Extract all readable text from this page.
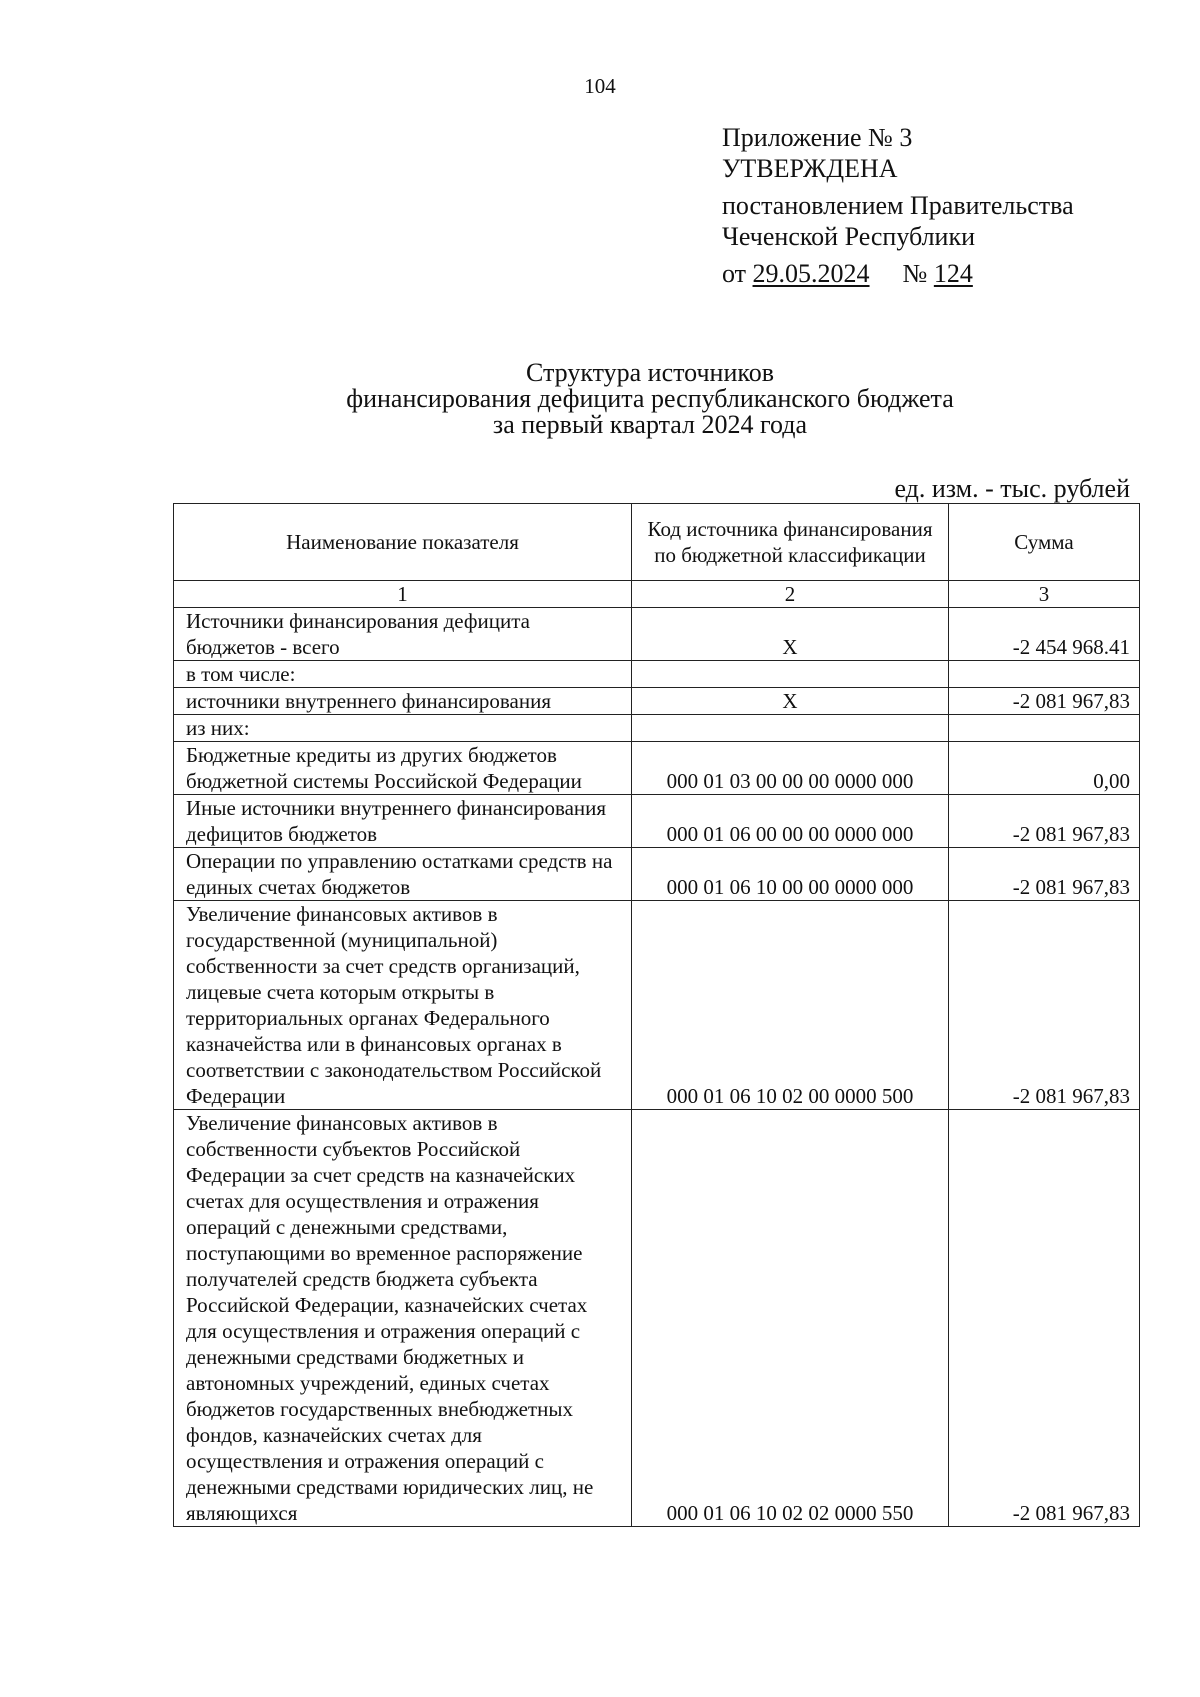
104
Приложение № 3
УТВЕРЖДЕНА
постановлением Правительства
Чеченской Республики
от 29.05.2024 № 124
Структура источников
финансирования дефицита республиканского бюджета
за первый квартал 2024 года
ед. изм. - тыс. рублей
Наименование показателя	Код источника финансирования по бюджетной классификации	Сумма
1	2	3
Источники финансирования дефицита бюджетов - всего	Х	-2 454 968.41
в том числе:		
источники внутреннего финансирования	Х	-2 081 967,83
из них:		
Бюджетные кредиты из других бюджетов бюджетной системы Российской Федерации	000 01 03 00 00 00 0000 000	0,00
Иные источники внутреннего финансирования дефицитов бюджетов	000 01 06 00 00 00 0000 000	-2 081 967,83
Операции по управлению остатками средств на единых счетах бюджетов	000 01 06 10 00 00 0000 000	-2 081 967,83
Увеличение финансовых активов в государственной (муниципальной) собственности за счет средств организаций, лицевые счета которым открыты в территориальных органах Федерального казначейства или в финансовых органах в соответствии с законодательством Российской Федерации	000 01 06 10 02 00 0000 500	-2 081 967,83
Увеличение финансовых активов в собственности субъектов Российской Федерации за счет средств на казначейских счетах для осуществления и отражения операций с денежными средствами, поступающими во временное распоряжение получателей средств бюджета субъекта Российской Федерации, казначейских счетах для осуществления и отражения операций с денежными средствами бюджетных и автономных учреждений, единых счетах бюджетов государственных внебюджетных фондов, казначейских счетах для осуществления и отражения операций с денежными средствами юридических лиц, не являющихся	000 01 06 10 02 02 0000 550	-2 081 967,83
